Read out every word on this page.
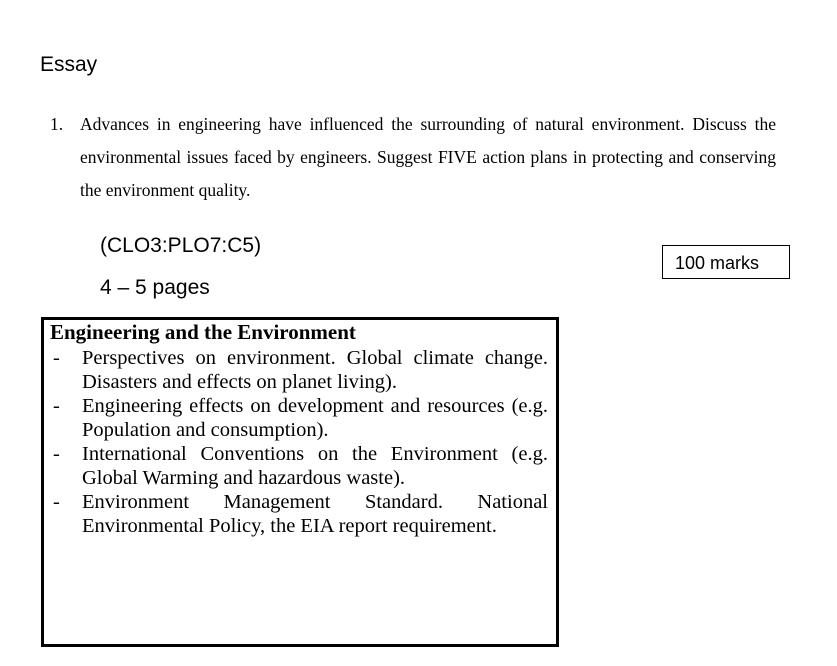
Essay
1. Advances in engineering have influenced the surrounding of natural environment. Discuss the environmental issues faced by engineers. Suggest FIVE action plans in protecting and conserving the environment quality.
(CLO3:PLO7:C5)
4 – 5 pages
100 marks
Engineering and the Environment
- Perspectives on environment. Global climate change. Disasters and effects on planet living).
- Engineering effects on development and resources (e.g. Population and consumption).
- International Conventions on the Environment (e.g. Global Warming and hazardous waste).
- Environment Management Standard. National Environmental Policy, the EIA report requirement.
